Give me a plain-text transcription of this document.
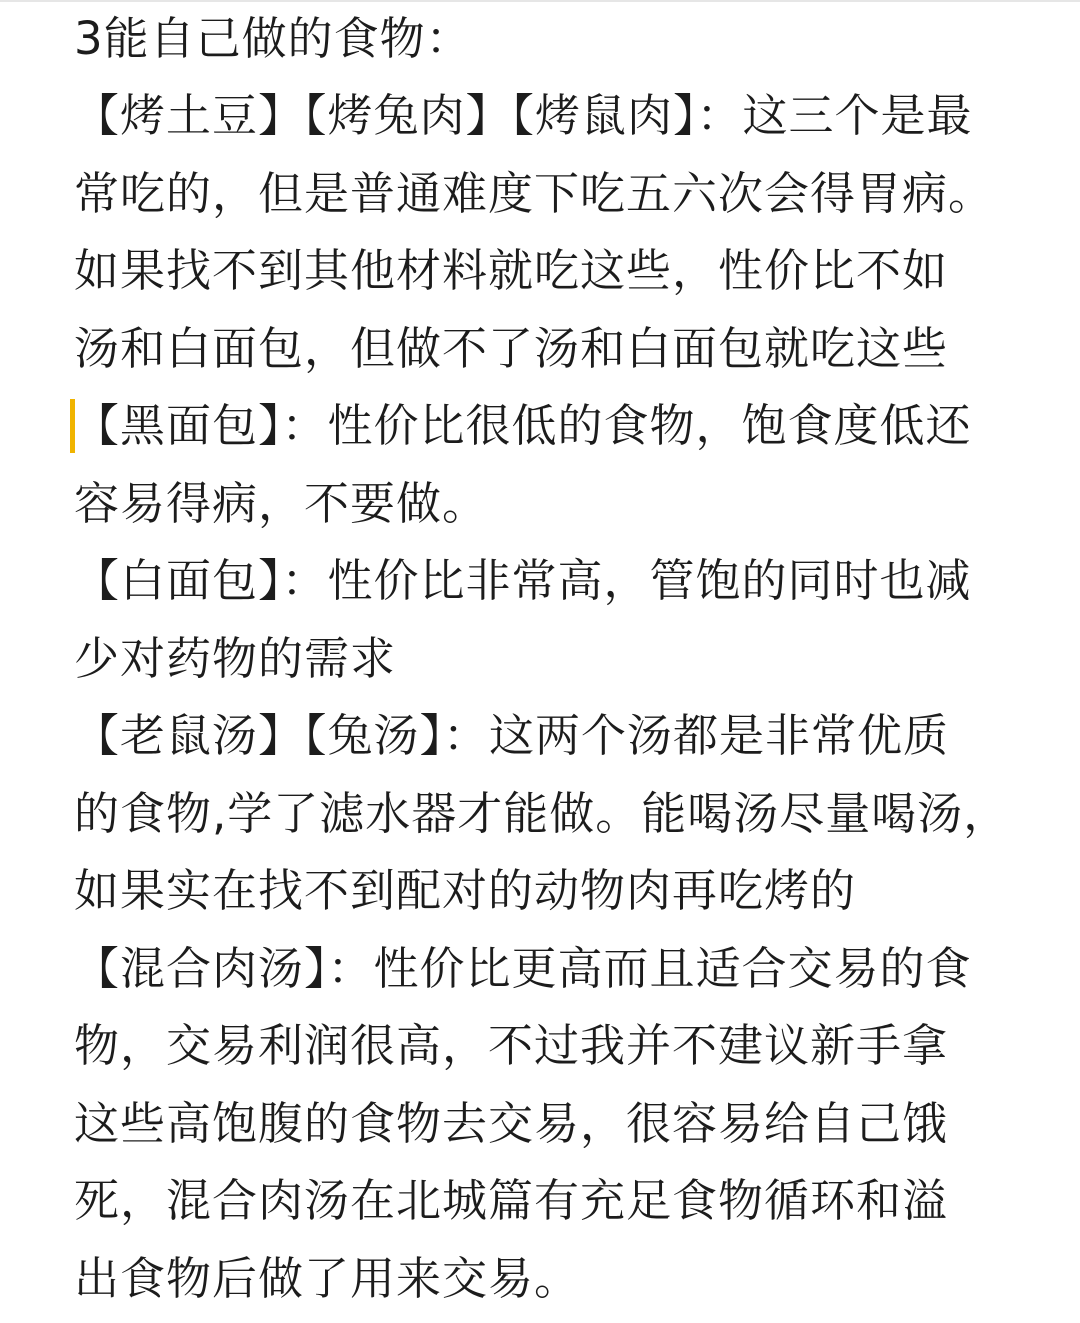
3能自己做的食物：
【烤土豆】【烤兔肉】【烤鼠肉】：这三个是最
常吃的，但是普通难度下吃五六次会得胃病。
如果找不到其他材料就吃这些，性价比不如
汤和白面包，但做不了汤和白面包就吃这些
【黑面包】：性价比很低的食物，饱食度低还
容易得病，不要做。
【白面包】：性价比非常高，管饱的同时也减
少对药物的需求
【老鼠汤】【兔汤】：这两个汤都是非常优质
的食物,学了滤水器才能做。能喝汤尽量喝汤，
如果实在找不到配对的动物肉再吃烤的
【混合肉汤】：性价比更高而且适合交易的食
物，交易利润很高，不过我并不建议新手拿
这些高饱腹的食物去交易，很容易给自己饿
死，混合肉汤在北城篇有充足食物循环和溢
出食物后做了用来交易。
